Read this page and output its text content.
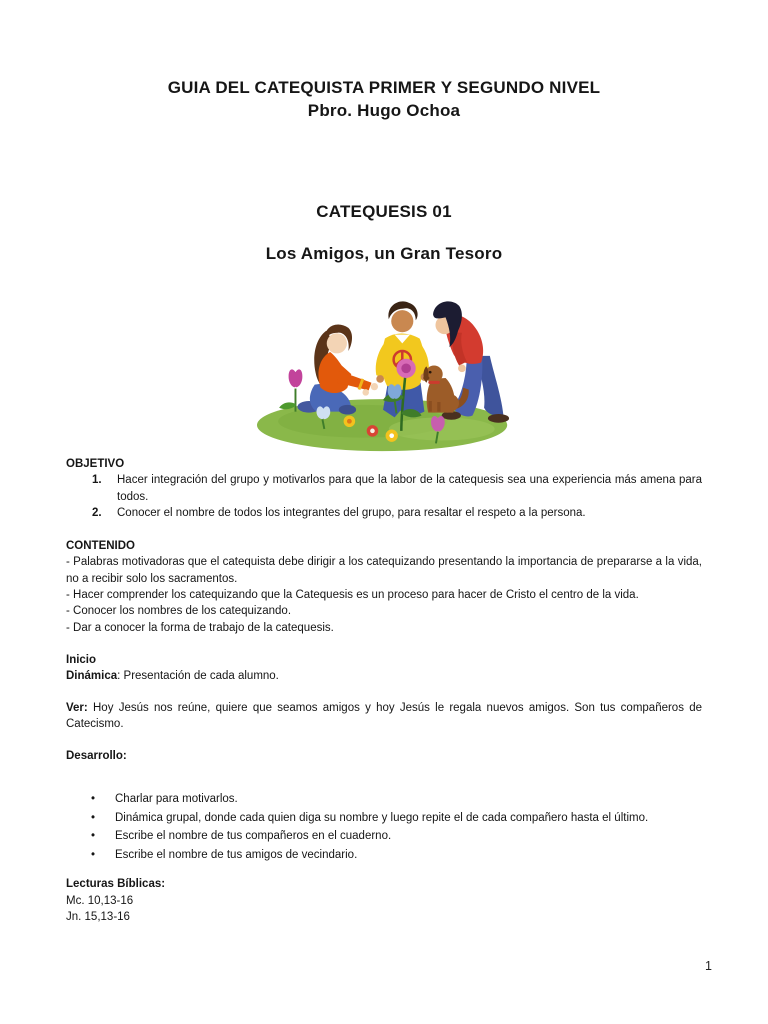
GUIA DEL CATEQUISTA PRIMER Y SEGUNDO NIVEL
Pbro. Hugo Ochoa
CATEQUESIS 01
Los Amigos, un Gran Tesoro

OBJETIVO

1. Hacer integración del grupo y motivarlos para que la labor de la catequesis sea una experiencia más amena para todos.
2. Conocer el nombre de todos los integrantes del grupo, para resaltar el respeto a la persona.

CONTENIDO

- Palabras motivadoras que el catequista debe dirigir a los catequizando presentando la importancia de prepararse a la vida, no a recibir solo los sacramentos.

- Hacer comprender los catequizando que la Catequesis es un proceso para hacer de Cristo el centro de la vida.

- Conocer los nombres de los catequizando.

- Dar a conocer la forma de trabajo de la catequesis.

Inicio

Dinámica: Presentación de cada alumno.

Ver: Hoy Jesús nos reúne, quiere que seamos amigos y hoy Jesús le regala nuevos amigos. Son tus compañeros de Catecismo.

Desarrollo:

• Charlar para motivarlos.
• Dinámica grupal, donde cada quien diga su nombre y luego repite el de cada compañero hasta el último.
• Escribe el nombre de tus compañeros en el cuaderno.
• Escribe el nombre de tus amigos de vecindario.

Lecturas Bíblicas:

Mc. 10,13-16

Jn. 15,13-16

1
